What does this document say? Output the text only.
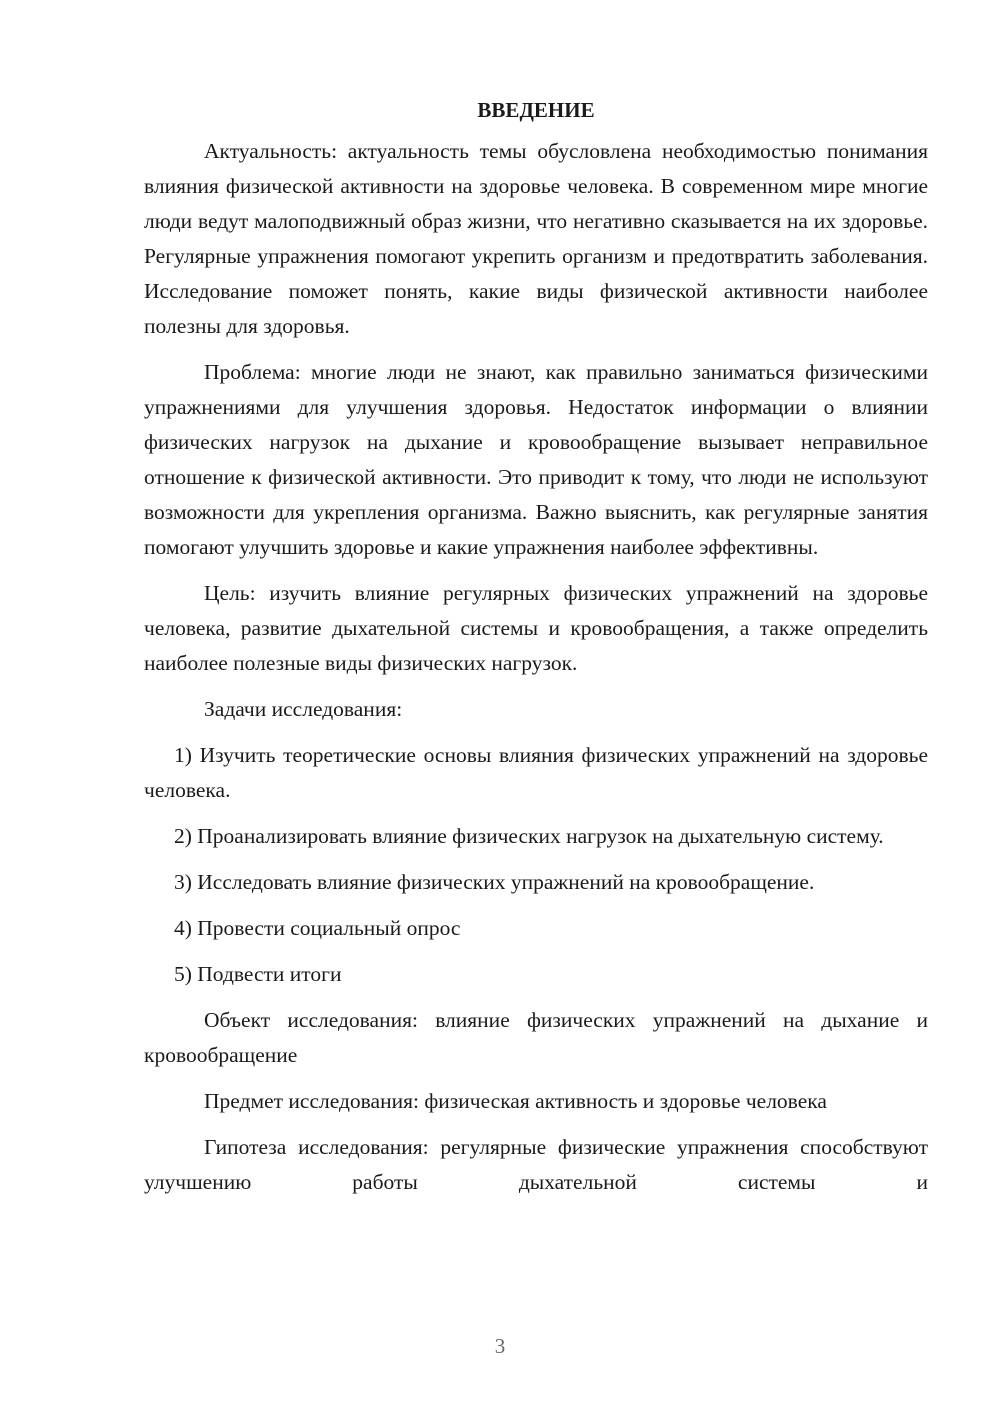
ВВЕДЕНИЕ

Актуальность: актуальность темы обусловлена необходимостью понимания влияния физической активности на здоровье человека. В современном мире многие люди ведут малоподвижный образ жизни, что негативно сказывается на их здоровье. Регулярные упражнения помогают укрепить организм и предотвратить заболевания. Исследование поможет понять, какие виды физической активности наиболее полезны для здоровья.

Проблема: многие люди не знают, как правильно заниматься физическими упражнениями для улучшения здоровья. Недостаток информации о влиянии физических нагрузок на дыхание и кровообращение вызывает неправильное отношение к физической активности. Это приводит к тому, что люди не используют возможности для укрепления организма. Важно выяснить, как регулярные занятия помогают улучшить здоровье и какие упражнения наиболее эффективны.

Цель: изучить влияние регулярных физических упражнений на здоровье человека, развитие дыхательной системы и кровообращения, а также определить наиболее полезные виды физических нагрузок.

Задачи исследования:

1) Изучить теоретические основы влияния физических упражнений на здоровье человека.

2) Проанализировать влияние физических нагрузок на дыхательную систему.

3) Исследовать влияние физических упражнений на кровообращение.

4) Провести социальный опрос

5) Подвести итоги

Объект исследования: влияние физических упражнений на дыхание и кровообращение

Предмет исследования: физическая активность и здоровье человека

Гипотеза исследования: регулярные физические упражнения способствуют улучшению работы дыхательной системы и

3
